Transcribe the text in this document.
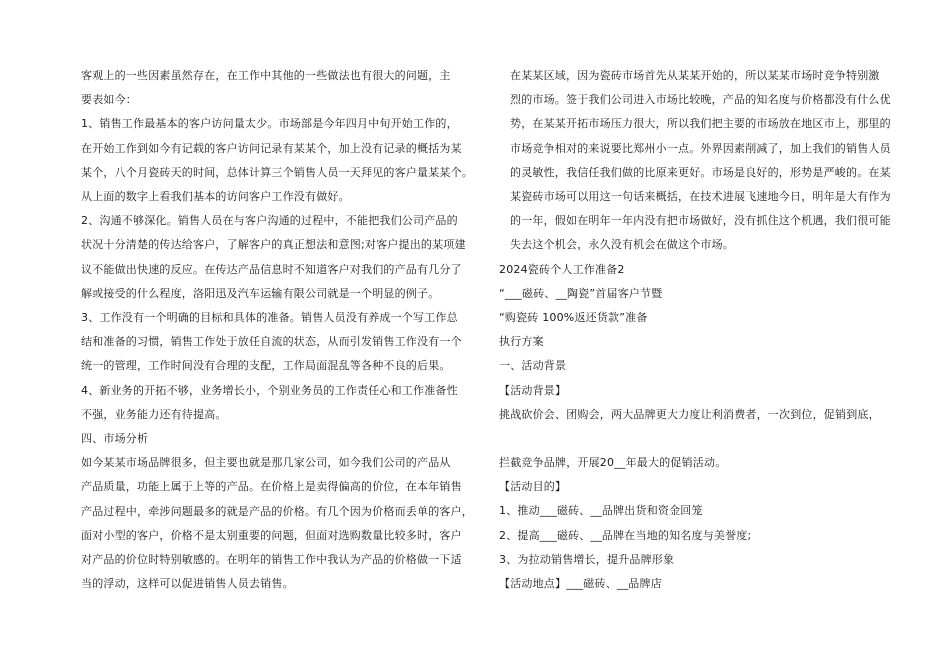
客观上的一些因素虽然存在，在工作中其他的一些做法也有很大的问题，主
要表如今：
1、销售工作最基本的客户访问量太少。市场部是今年四月中旬开始工作的，
在开始工作到如今有记载的客户访问记录有某某个，加上没有记录的概括为某
某个，八个月瓷砖天的时间，总体计算三个销售人员一天拜见的客户量某某个。
从上面的数字上看我们基本的访问客户工作没有做好。
2、沟通不够深化。销售人员在与客户沟通的过程中，不能把我们公司产品的
状况十分清楚的传达给客户，了解客户的真正想法和意图;对客户提出的某项建
议不能做出快速的反应。在传达产品信息时不知道客户对我们的产品有几分了
解或接受的什么程度，洛阳迅及汽车运输有限公司就是一个明显的例子。
3、工作没有一个明确的目标和具体的准备。销售人员没有养成一个写工作总
结和准备的习惯，销售工作处于放任自流的状态，从而引发销售工作没有一个
统一的管理，工作时间没有合理的支配，工作局面混乱等各种不良的后果。
4、新业务的开拓不够，业务增长小，个别业务员的工作责任心和工作准备性
不强，业务能力还有待提高。
四、市场分析
如今某某市场品牌很多，但主要也就是那几家公司，如今我们公司的产品从
产品质量，功能上属于上等的产品。在价格上是卖得偏高的价位，在本年销售
产品过程中，牵涉问题最多的就是产品的价格。有几个因为价格而丢单的客户，
面对小型的客户，价格不是太别重要的问题，但面对选购数量比较多时，客户
对产品的价位时特别敏感的。在明年的销售工作中我认为产品的价格做一下适
当的浮动，这样可以促进销售人员去销售。
在某某区域，因为瓷砖市场首先从某某开始的，所以某某市场时竞争特别激
烈的市场。签于我们公司进入市场比较晚，产品的知名度与价格都没有什么优
势，在某某开拓市场压力很大，所以我们把主要的市场放在地区市上，那里的
市场竞争相对的来说要比郑州小一点。外界因素削减了，加上我们的销售人员
的灵敏性，我信任我们做的比原来更好。市场是良好的，形势是严峻的。在某
某瓷砖市场可以用这一句话来概括，在技术进展飞速地今日，明年是大有作为
的一年，假如在明年一年内没有把市场做好，没有抓住这个机遇，我们很可能
失去这个机会，永久没有机会在做这个市场。
2024瓷砖个人工作准备2
“___磁砖、__陶瓷”首届客户节暨
“购瓷砖 100%返还货款”准备
执行方案
一、活动背景
【活动背景】
挑战砍价会、团购会，两大品牌更大力度让利消费者，一次到位，促销到底，
拦截竞争品牌，开展20__年最大的促销活动。
【活动目的】
1、推动___磁砖、__品牌出货和资金回笼
2、提高___磁砖、__品牌在当地的知名度与美誉度;
3、为拉动销售增长，提升品牌形象
【活动地点】___磁砖、__品牌店
